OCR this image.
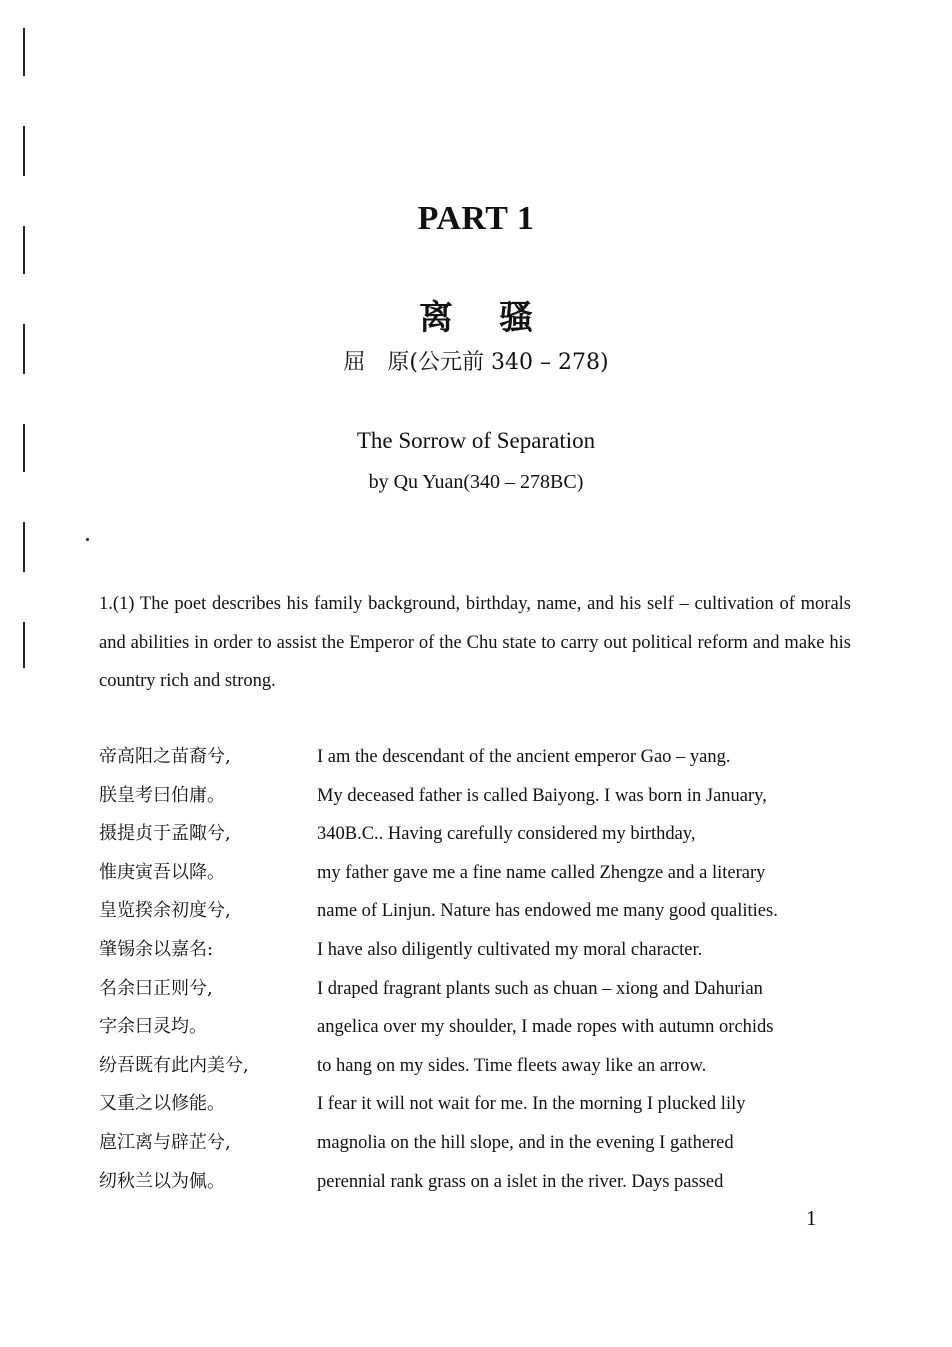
PART 1
离骚
屈　原(公元前 340 – 278)
The Sorrow of Separation
by Qu Yuan(340 – 278BC)
1.(1) The poet describes his family background, birthday, name, and his self – cultivation of morals and abilities in order to assist the Emperor of the Chu state to carry out political reform and make his country rich and strong.
帝高阳之苗裔兮,	I am the descendant of the ancient emperor Gao – yang.
朕皇考曰伯庸。	My deceased father is called Baiyong. I was born in January,
摄提贞于孟陬兮,	340B.C.. Having carefully considered my birthday,
惟庚寅吾以降。	my father gave me a fine name called Zhengze and a literary
皇览揆余初度兮,	name of Linjun. Nature has endowed me many good qualities.
肇锡余以嘉名:	I have also diligently cultivated my moral character.
名余曰正则兮,	I draped fragrant plants such as chuan – xiong and Dahurian
字余曰灵均。	angelica over my shoulder, I made ropes with autumn orchids
纷吾既有此内美兮,	to hang on my sides. Time fleets away like an arrow.
又重之以修能。	I fear it will not wait for me. In the morning I plucked lily
扈江离与辟芷兮,	magnolia on the hill slope, and in the evening I gathered
纫秋兰以为佩。	perennial rank grass on a islet in the river. Days passed
1
